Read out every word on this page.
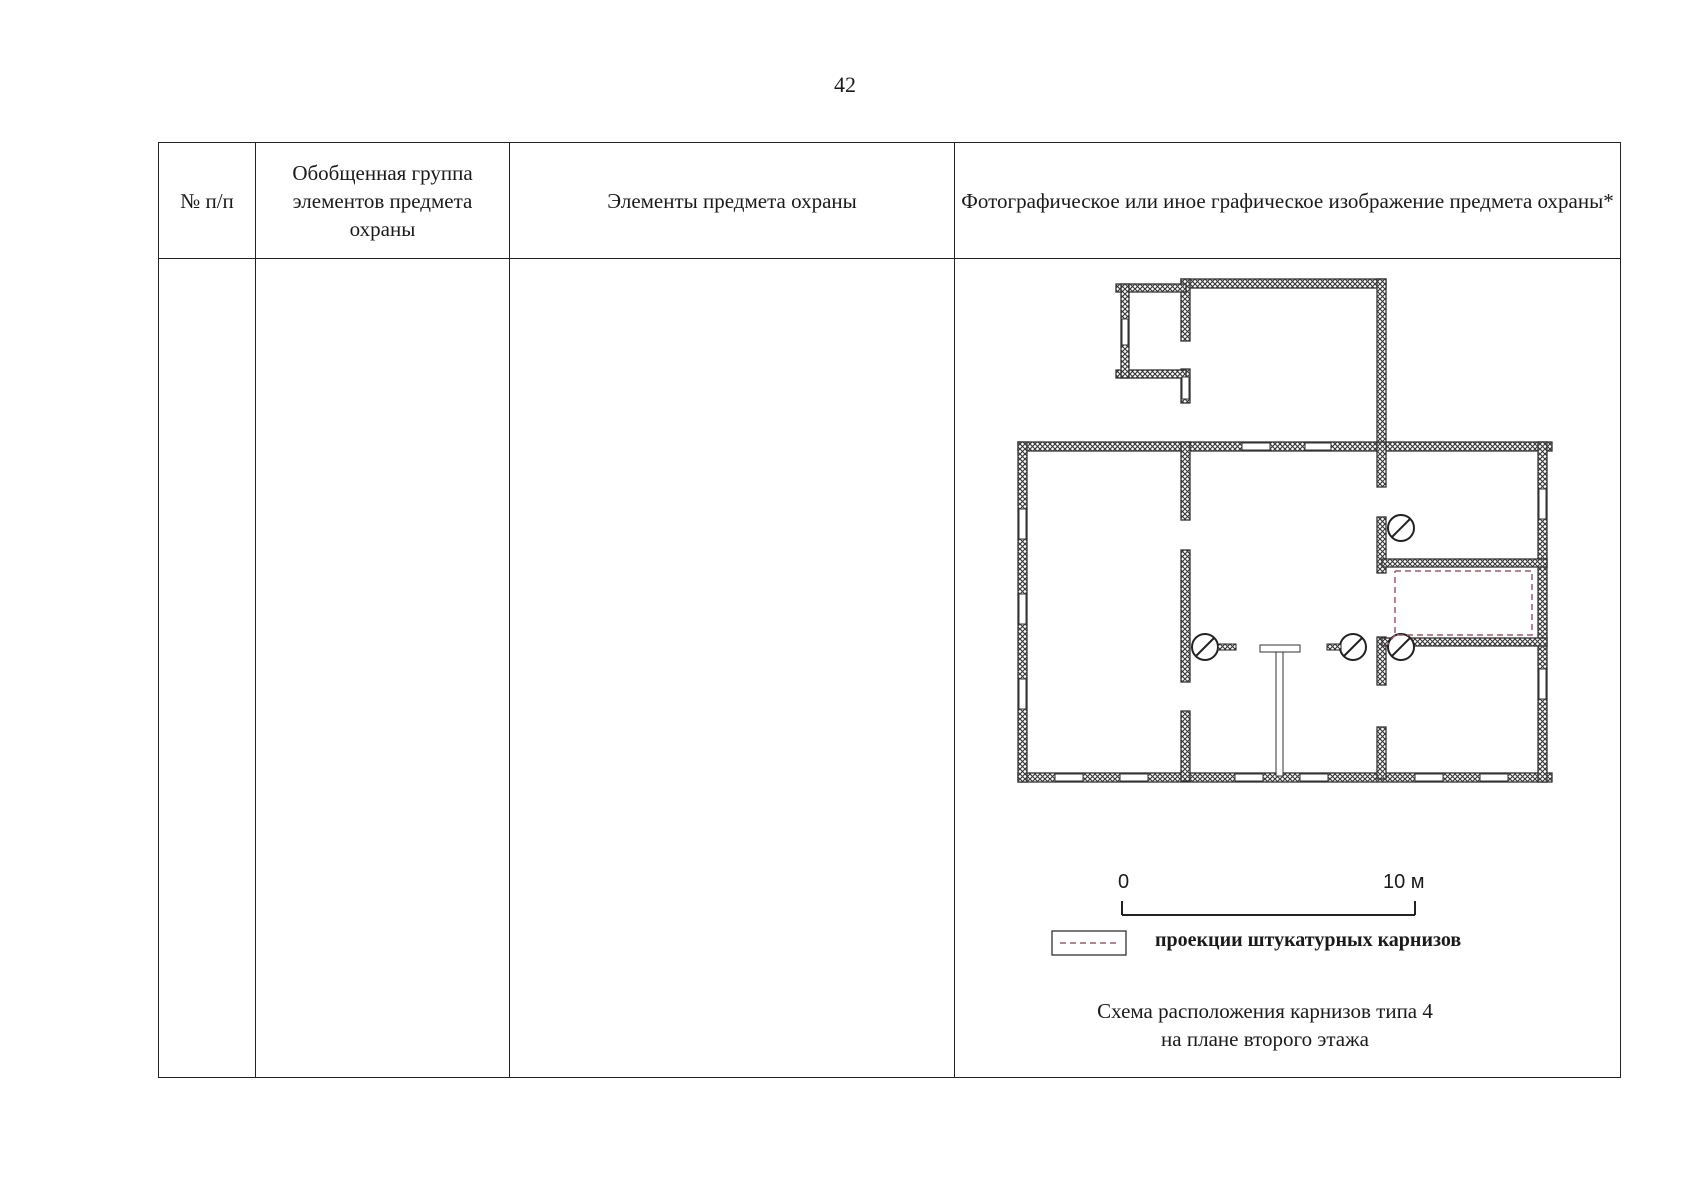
42
№ п/п	Обобщенная группа элементов предмета охраны	Элементы предмета охраны	Фотографическое или иное графическое изображение предмета охраны*

			0 10 м
проекции штукатурных карнизов
Схема расположения карнизов типа 4
на плане второго этажа
